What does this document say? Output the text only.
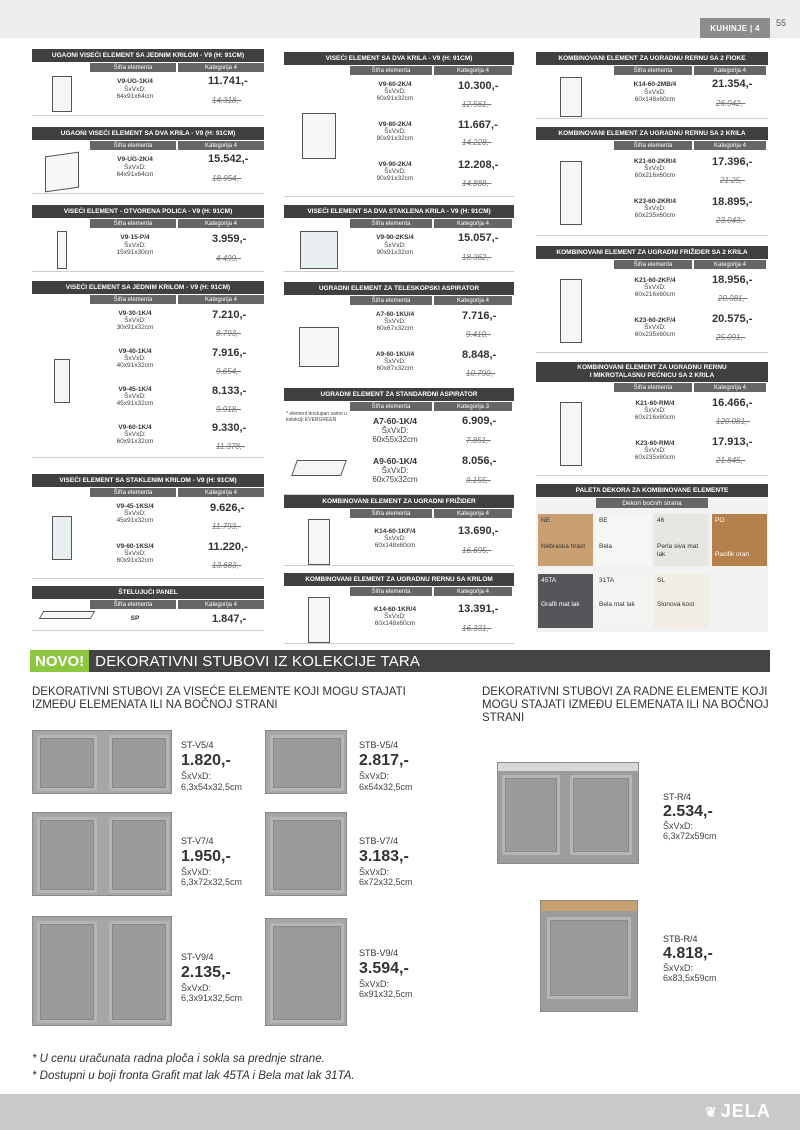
KUHINJE | 4	55
UGAONI VISEĆI ELEMENT SA JEDNIM KRILOM - V9 (H: 91CM)
Šifra elementa	Kategorija 4
V9-UG-1K/4
ŠxVxD:
64x91x64cm
11.741,-
14.318,-
UGAONI VISEĆI ELEMENT SA DVA KRILA - V9 (H: 91CM)
Šifra elementa	Kategorija 4
V9-UG-2K/4
ŠxVxD:
64x91x64cm
15.542,-
18.954,-
VISEĆI ELEMENT - OTVORENA POLICA - V9 (H: 91CM)
Šifra elementa	Kategorija 4
V9-15-P/4
ŠxVxD:
15x91x30cm
3.959,-
4.499,-
VISEĆI ELEMENT SA JEDNIM KRILOM - V9 (H: 91CM)
Šifra elementa	Kategorija 4
V9-30-1K/4
ŠxVxD:
30x91x32cm
7.210,-
8.793,-
V9-40-1K/4
ŠxVxD:
40x91x32cm
7.916,-
9.654,-
V9-45-1K/4
ŠxVxD:
45x91x32cm
8.133,-
9.918,-
V9-60-1K/4
ŠxVxD:
60x91x32cm
9.330,-
11.378,-
VISEĆI ELEMENT SA STAKLENIM KRILOM - V9 (H: 91CM)
Šifra elementa	Kategorija 4
V9-45-1KS/4
ŠxVxD:
45x91x32cm
9.626,-
11.793,-
V9-60-1KS/4
ŠxVxD:
60x91x32cm
11.220,-
13.683,-
ŠTELUJUĆI PANEL
Šifra elementa	Kategorija 4
SP	1.847,-
VISEĆI ELEMENT SA DVA KRILA - V9 (H: 91CM)
Šifra elementa	Kategorija 4
V9-60-2K/4
ŠxVxD:
60x91x32cm
10.300,-
12.561,-
V9-80-2K/4
ŠxVxD:
80x91x32cm
11.667,-
14.228,-
V9-90-2K/4
ŠxVxD:
90x91x32cm
12.208,-
14.888,-
VISEĆI ELEMENT SA DVA STAKLENA KRILA - V9 (H: 91CM)
Šifra elementa	Kategorija 4
V9-90-2KS/4
ŠxVxD:
90x91x32cm
15.057,-
18.362,-
UGRADNI ELEMENT ZA TELESKOPSKI ASPIRATOR
Šifra elementa	Kategorija 4
A7-60-1KU/4
ŠxVxD:
60x67x32cm
7.716,-
9.410,-
A9-60-1KU/4
ŠxVxD:
60x87x32cm
8.848,-
10.790,-
UGRADNI ELEMENT ZA STANDARDNI ASPIRATOR
Šifra elementa	Kategorija 3
* element dostupan samo u kolekciji EVERGREEN	A7-60-1K/4
ŠxVxD:
60x55x32cm
6.909,-
7.851,-
A9-60-1K/4
ŠxVxD:
60x75x32cm
8.056,-
9.155,-
KOMBINOVANI ELEMENT ZA UGRADNI FRIŽIDER
Šifra elementa	Kategorija 4
K14-60-1KF/4
ŠxVxD:
60x148x60cm
13.690,-
16.695,-
KOMBINOVANI ELEMENT ZA UGRADNU RERNU SA KRILOM
Šifra elementa	Kategorija 4
K14-60-1KR/4
ŠxVxD:
60x148x60cm
13.391,-
16.331,-
KOMBINOVANI ELEMENT ZA UGRADNU RERNU SA 2 FIOKE
Šifra elementa	Kategorija 4
K14-60-2MB/4
ŠxVxD:
60x148x60cm
21.354,-
26.042,-
KOMBINOVANI ELEMENT ZA UGRADNU RERNU SA 2 KRILA
Šifra elementa	Kategorija 4
K21-60-2KR/4
ŠxVxD:
60x216x60cm
17.396,-
21.25,-
K23-60-2KR/4
ŠxVxD:
60x235x60cm
18.895,-
23.043,-
KOMBINOVANI ELEMENT ZA UGRADNI FRIŽIDER SA 2 KRILA
Šifra elementa	Kategorija 4
K21-60-2KF/4
ŠxVxD:
60x216x60cm
18.956,-
20.081,-
K23-60-2KF/4
ŠxVxD:
60x235x60cm
20.575,-
25.091,-
KOMBINOVANI ELEMENT ZA UGRADNU RERNU
I MIKROTALASNU PEĆNICU SA 2 KRILA
Šifra elementa	Kategorija 4
K21-60-RM/4
ŠxVxD:
60x216x60cm
16.466,-
120.081,-
K23-60-RM/4
ŠxVxD:
60x235x60cm
17.913,-
21.845,-
PALETA DEKORA ZA KOMBINOVANE ELEMENTE
Dekori bočnih strana
NE
Nebraska hrast
BE
Bela
46
Perla siva mat lak
PO
Pacifik orah
45TA
Grafit mat lak
31TA
Bela mat lak
SL
Slonova kost
NOVO! DEKORATIVNI STUBOVI IZ KOLEKCIJE TARA
DEKORATIVNI STUBOVI ZA VISEĆE ELEMENTE KOJI MOGU STAJATI IZMEĐU ELEMENATA ILI NA BOČNOJ STRANI
DEKORATIVNI STUBOVI ZA RADNE ELEMENTE KOJI MOGU STAJATI IZMEĐU ELEMENATA ILI NA BOČNOJ STRANI
ST-V5/4
1.820,-
ŠxVxD:
6,3x54x32,5cm
STB-V5/4
2.817,-
ŠxVxD:
6x54x32,5cm
ST-V7/4
1.950,-
ŠxVxD:
6,3x72x32,5cm
STB-V7/4
3.183,-
ŠxVxD:
6x72x32,5cm
ST-V9/4
2.135,-
ŠxVxD:
6,3x91x32,5cm
STB-V9/4
3.594,-
ŠxVxD:
6x91x32,5cm
ST-R/4
2.534,-
ŠxVxD:
6,3x72x59cm
STB-R/4
4.818,-
ŠxVxD:
6x83,5x59cm
* U cenu uračunata radna ploča i sokla sa prednje strane.
* Dostupni u boji fronta Grafit mat lak 45TA i Bela mat lak 31TA.
❦ JELA
